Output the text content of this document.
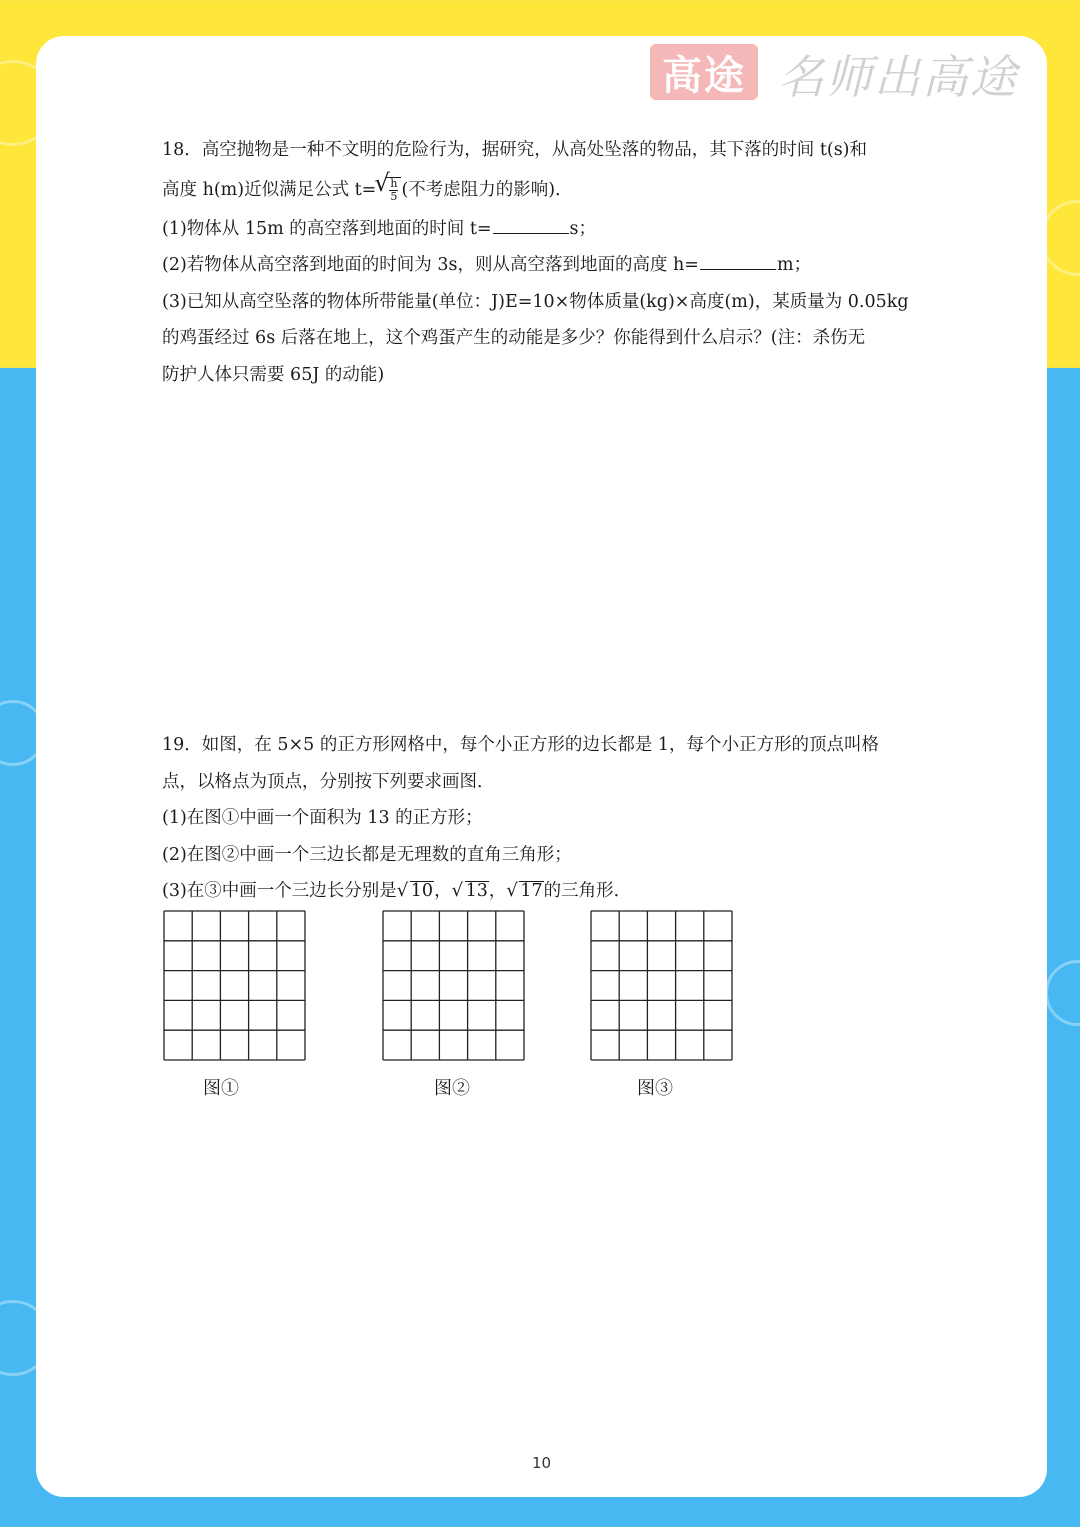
高途 名师出高途
18．高空抛物是一种不文明的危险行为，据研究，从高处坠落的物品，其下落的时间 t(s)和
高度 h(m)近似满足公式 t= √ $\frac{h}{5}$ (不考虑阻力的影响)．
(1)物体从 15m 的高空落到地面的时间 t=	s；
(2)若物体从高空落到地面的时间为 3s，则从高空落到地面的高度 h=	m；
(3)已知从高空坠落的物体所带能量(单位：J)E=10×物体质量(kg)×高度(m)，某质量为 0.05kg
的鸡蛋经过 6s 后落在地上，这个鸡蛋产生的动能是多少？你能得到什么启示？(注：杀伤无
防护人体只需要 65J 的动能)
19．如图，在 5×5 的正方形网格中，每个小正方形的边长都是 1，每个小正方形的顶点叫格
点，以格点为顶点，分别按下列要求画图．
(1)在图①中画一个面积为 13 的正方形；
(2)在图②中画一个三边长都是无理数的直角三角形；
(3)在③中画一个三边长分别是 √ 10， √ 13， √ 17的三角形．
图①	图②	图③
10
